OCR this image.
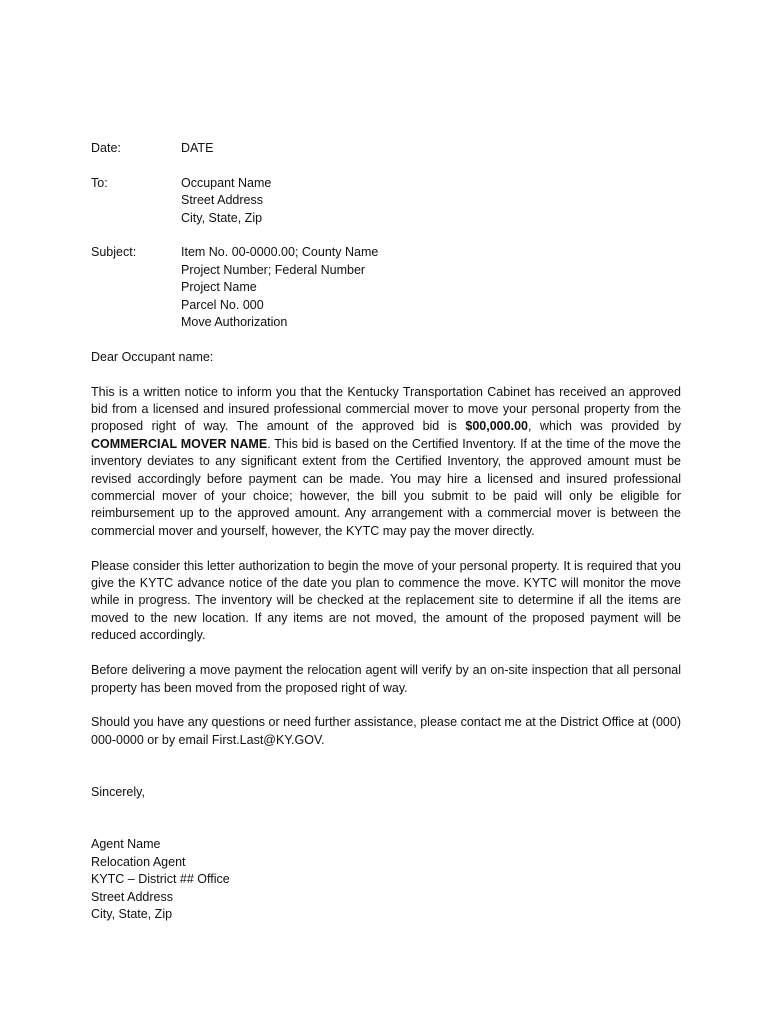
Date:	DATE
To:	Occupant Name
Street Address
City, State, Zip
Subject:	Item No. 00-0000.00; County Name
Project Number; Federal Number
Project Name
Parcel No. 000
Move Authorization

Dear Occupant name:

This is a written notice to inform you that the Kentucky Transportation Cabinet has received an approved bid from a licensed and insured professional commercial mover to move your personal property from the proposed right of way. The amount of the approved bid is $00,000.00, which was provided by COMMERCIAL MOVER NAME. This bid is based on the Certified Inventory. If at the time of the move the inventory deviates to any significant extent from the Certified Inventory, the approved amount must be revised accordingly before payment can be made. You may hire a licensed and insured professional commercial mover of your choice; however, the bill you submit to be paid will only be eligible for reimbursement up to the approved amount. Any arrangement with a commercial mover is between the commercial mover and yourself, however, the KYTC may pay the mover directly.

Please consider this letter authorization to begin the move of your personal property. It is required that you give the KYTC advance notice of the date you plan to commence the move. KYTC will monitor the move while in progress. The inventory will be checked at the replacement site to determine if all the items are moved to the new location. If any items are not moved, the amount of the proposed payment will be reduced accordingly.

Before delivering a move payment the relocation agent will verify by an on-site inspection that all personal property has been moved from the proposed right of way.

Should you have any questions or need further assistance, please contact me at the District Office at (000) 000-0000 or by email First.Last@KY.GOV.

Sincerely,

Agent Name
Relocation Agent
KYTC – District ## Office
Street Address
City, State, Zip
